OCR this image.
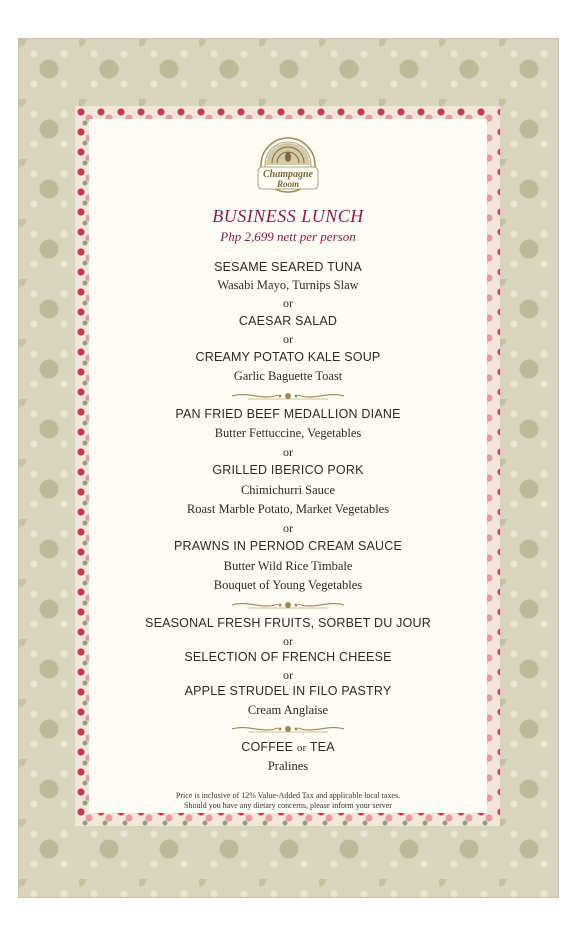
Champagne
Room
BUSINESS LUNCH
Php 2,699 nett per person
SESAME SEARED TUNA
Wasabi Mayo, Turnips Slaw
or
CAESAR SALAD
or
CREAMY POTATO KALE SOUP
Garlic Baguette Toast
PAN FRIED BEEF MEDALLION DIANE
Butter Fettuccine, Vegetables
or
GRILLED IBERICO PORK
Chimichurri Sauce
Roast Marble Potato, Market Vegetables
or
PRAWNS IN PERNOD CREAM SAUCE
Butter Wild Rice Timbale
Bouquet of Young Vegetables
SEASONAL FRESH FRUITS, SORBET DU JOUR
or
SELECTION OF FRENCH CHEESE
or
APPLE STRUDEL IN FILO PASTRY
Cream Anglaise
COFFEE or TEA
Pralines
Price is inclusive of 12% Value-Added Tax and applicable local taxes.
Should you have any dietary concerns, please inform your server
